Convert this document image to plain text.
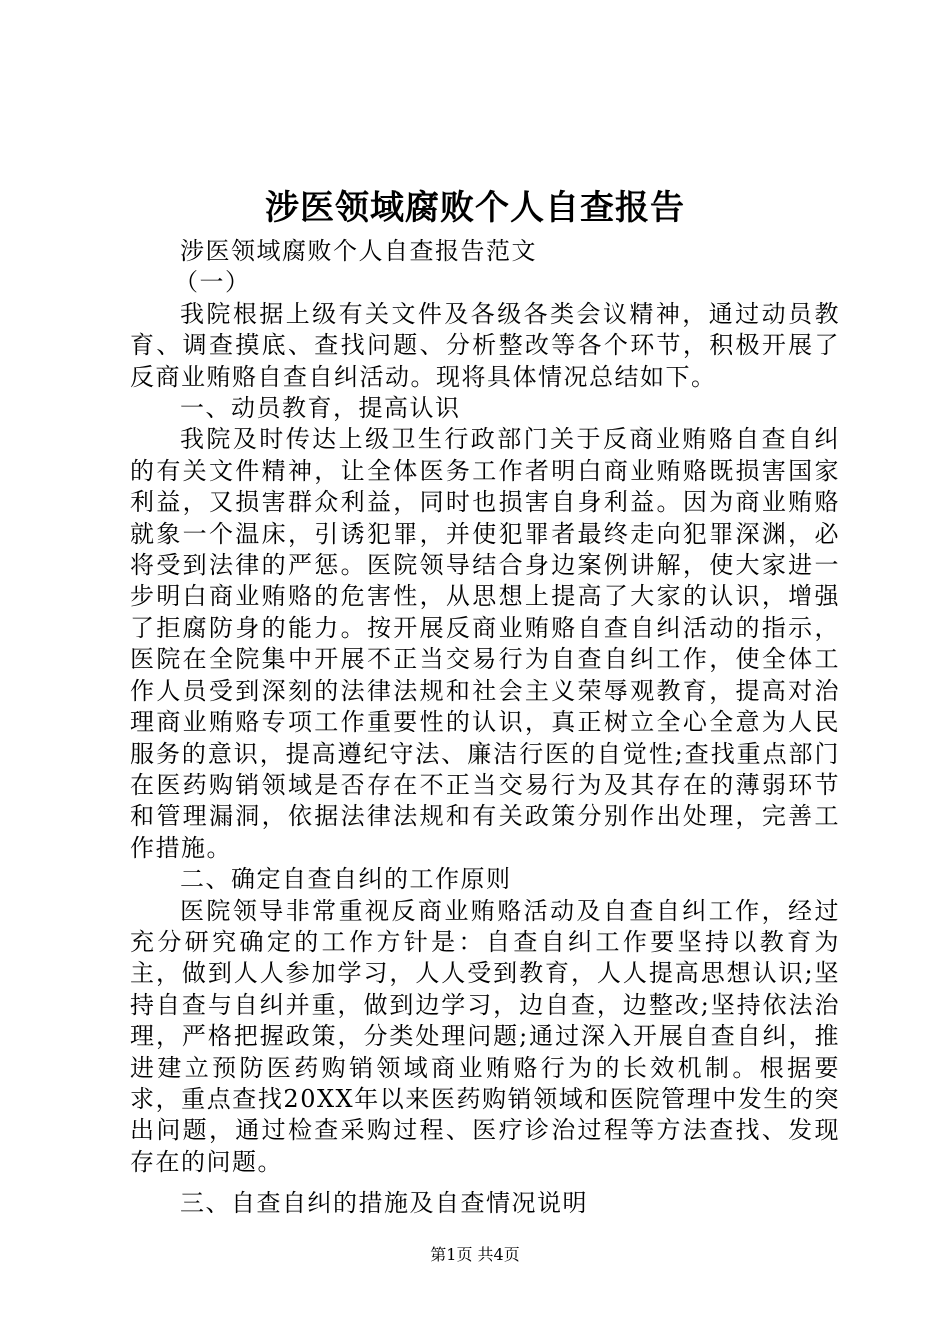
涉医领域腐败个人自查报告

涉医领域腐败个人自查报告范文

（一）

我院根据上级有关文件及各级各类会议精神，通过动员教育、调查摸底、查找问题、分析整改等各个环节，积极开展了反商业贿赂自查自纠活动。现将具体情况总结如下。

一、动员教育，提高认识

我院及时传达上级卫生行政部门关于反商业贿赂自查自纠的有关文件精神，让全体医务工作者明白商业贿赂既损害国家利益，又损害群众利益，同时也损害自身利益。因为商业贿赂就象一个温床，引诱犯罪，并使犯罪者最终走向犯罪深渊，必将受到法律的严惩。医院领导结合身边案例讲解，使大家进一步明白商业贿赂的危害性，从思想上提高了大家的认识，增强了拒腐防身的能力。按开展反商业贿赂自查自纠活动的指示，医院在全院集中开展不正当交易行为自查自纠工作，使全体工作人员受到深刻的法律法规和社会主义荣辱观教育，提高对治理商业贿赂专项工作重要性的认识，真正树立全心全意为人民服务的意识，提高遵纪守法、廉洁行医的自觉性;查找重点部门在医药购销领域是否存在不正当交易行为及其存在的薄弱环节和管理漏洞，依据法律法规和有关政策分别作出处理，完善工作措施。

二、确定自查自纠的工作原则

医院领导非常重视反商业贿赂活动及自查自纠工作，经过充分研究确定的工作方针是：自查自纠工作要坚持以教育为主，做到人人参加学习，人人受到教育，人人提高思想认识;坚持自查与自纠并重，做到边学习，边自查，边整改;坚持依法治理，严格把握政策，分类处理问题;通过深入开展自查自纠，推进建立预防医药购销领域商业贿赂行为的长效机制。根据要求，重点查找20XX年以来医药购销领域和医院管理中发生的突出问题，通过检查采购过程、医疗诊治过程等方法查找、发现存在的问题。

三、自查自纠的措施及自查情况说明

第1页 共4页
